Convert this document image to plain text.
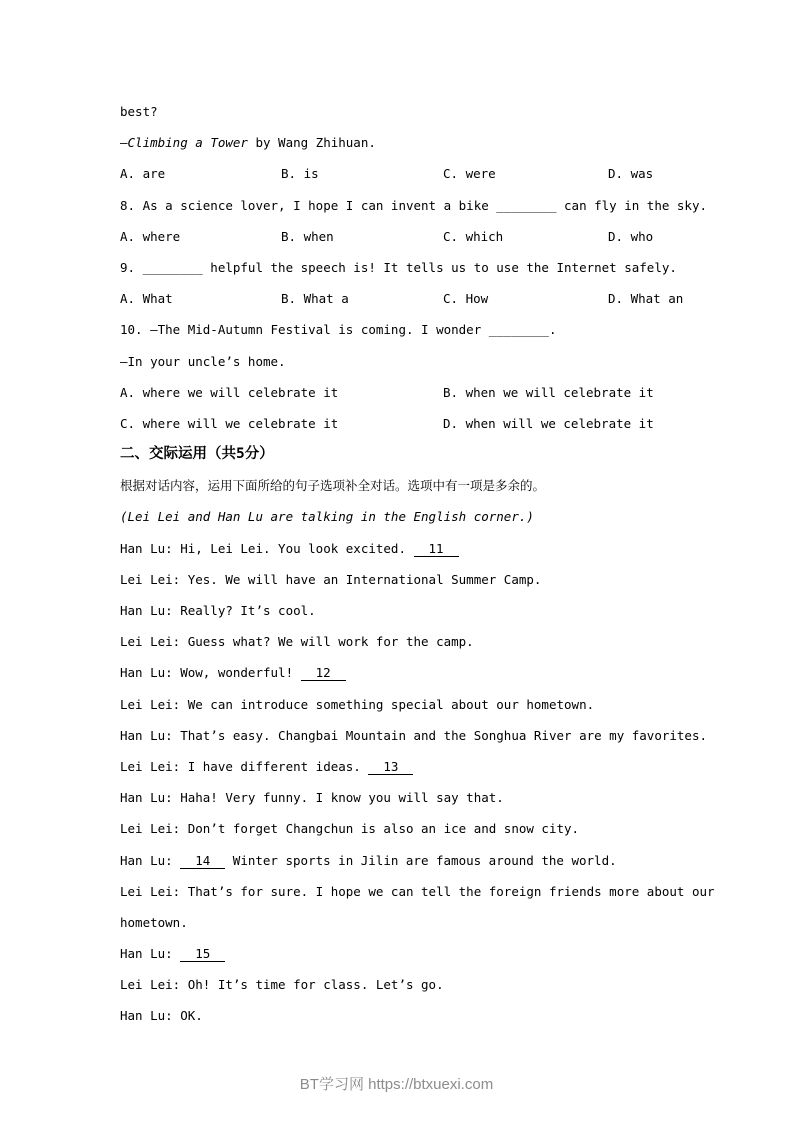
best?
—Climbing a Tower by Wang Zhihuan.
A. are	B. is	C. were	D. was
8. As a science lover, I hope I can invent a bike ________ can fly in the sky.
A. where	B. when	C. which	D. who
9. ________ helpful the speech is! It tells us to use the Internet safely.
A. What	B. What a	C. How	D. What an
10. —The Mid-Autumn Festival is coming. I wonder ________.
—In your uncle’s home.
A. where we will celebrate it	B. when we will celebrate it
C. where will we celebrate it	D. when will we celebrate it
二、交际运用（共5分）
根据对话内容，运用下面所给的句子选项补全对话。选项中有一项是多余的。
(Lei Lei and Han Lu are talking in the English corner.)
Han Lu: Hi, Lei Lei. You look excited. 11
Lei Lei: Yes. We will have an International Summer Camp.
Han Lu: Really? It’s cool.
Lei Lei: Guess what? We will work for the camp.
Han Lu: Wow, wonderful! 12
Lei Lei: We can introduce something special about our hometown.
Han Lu: That’s easy. Changbai Mountain and the Songhua River are my favorites.
Lei Lei: I have different ideas. 13
Han Lu: Haha! Very funny. I know you will say that.
Lei Lei: Don’t forget Changchun is also an ice and snow city.
Han Lu: 14 Winter sports in Jilin are famous around the world.
Lei Lei: That’s for sure. I hope we can tell the foreign friends more about our
hometown.
Han Lu: 15
Lei Lei: Oh! It’s time for class. Let’s go.
Han Lu: OK.
BT学习网 https://btxuexi.com
